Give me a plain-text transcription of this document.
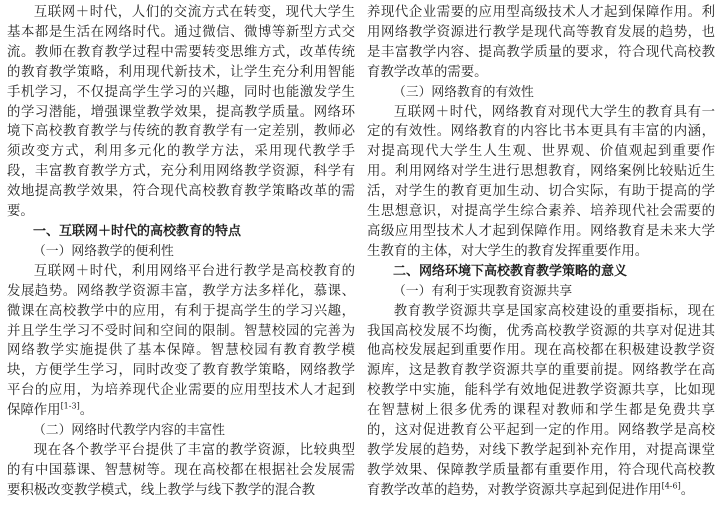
互联网＋时代，人们的交流方式在转变，现代大学生基本都是生活在网络时代。通过微信、微博等新型方式交流。教师在教育教学过程中需要转变思维方式，改革传统的教育教学策略，利用现代新技术，让学生充分利用智能手机学习，不仅提高学生学习的兴趣，同时也能激发学生的学习潜能，增强课堂教学效果，提高教学质量。网络环境下高校教育教学与传统的教育教学有一定差别，教师必须改变方式，利用多元化的教学方法，采用现代教学手段，丰富教育教学方式，充分利用网络教学资源，科学有效地提高教学效果，符合现代高校教育教学策略改革的需要。

一、互联网＋时代的高校教育的特点
（一）网络教学的便利性

互联网＋时代，利用网络平台进行教学是高校教育的发展趋势。网络教学资源丰富，教学方法多样化，慕课、微课在高校教学中的应用，有利于提高学生的学习兴趣，并且学生学习不受时间和空间的限制。智慧校园的完善为网络教学实施提供了基本保障。智慧校园有教育教学模块，方便学生学习，同时改变了教育教学策略，网络教学平台的应用，为培养现代企业需要的应用型技术人才起到保障作用[1-3]。

（二）网络时代教学内容的丰富性

现在各个教学平台提供了丰富的教学资源，比较典型的有中国慕课、智慧树等。现在高校都在根据社会发展需要积极改变教学模式，线上教学与线下教学的混合教

养现代企业需要的应用型高级技术人才起到保障作用。利用网络教学资源进行教学是现代高等教育发展的趋势，也是丰富教学内容、提高教学质量的要求，符合现代高校教育教学改革的需要。

（三）网络教育的有效性

互联网＋时代，网络教育对现代大学生的教育具有一定的有效性。网络教育的内容比书本更具有丰富的内涵，对提高现代大学生人生观、世界观、价值观起到重要作用。利用网络对学生进行思想教育，网络案例比较贴近生活，对学生的教育更加生动、切合实际，有助于提高的学生思想意识，对提高学生综合素养、培养现代社会需要的高级应用型技术人才起到保障作用。网络教育是未来大学生教育的主体，对大学生的教育发挥重要作用。

二、网络环境下高校教育教学策略的意义
（一）有利于实现教育资源共享

教育教学资源共享是国家高校建设的重要指标，现在我国高校发展不均衡，优秀高校教学资源的共享对促进其他高校发展起到重要作用。现在高校都在积极建设教学资源库，这是教育教学资源共享的重要前提。网络教学在高校教学中实施，能科学有效地促进教学资源共享，比如现在智慧树上很多优秀的课程对教师和学生都是免费共享的，这对促进教育公平起到一定的作用。网络教学是高校教学发展的趋势，对线下教学起到补充作用，对提高课堂教学效果、保障教学质量都有重要作用，符合现代高校教育教学改革的趋势，对教学资源共享起到促进作用[4-6]。
